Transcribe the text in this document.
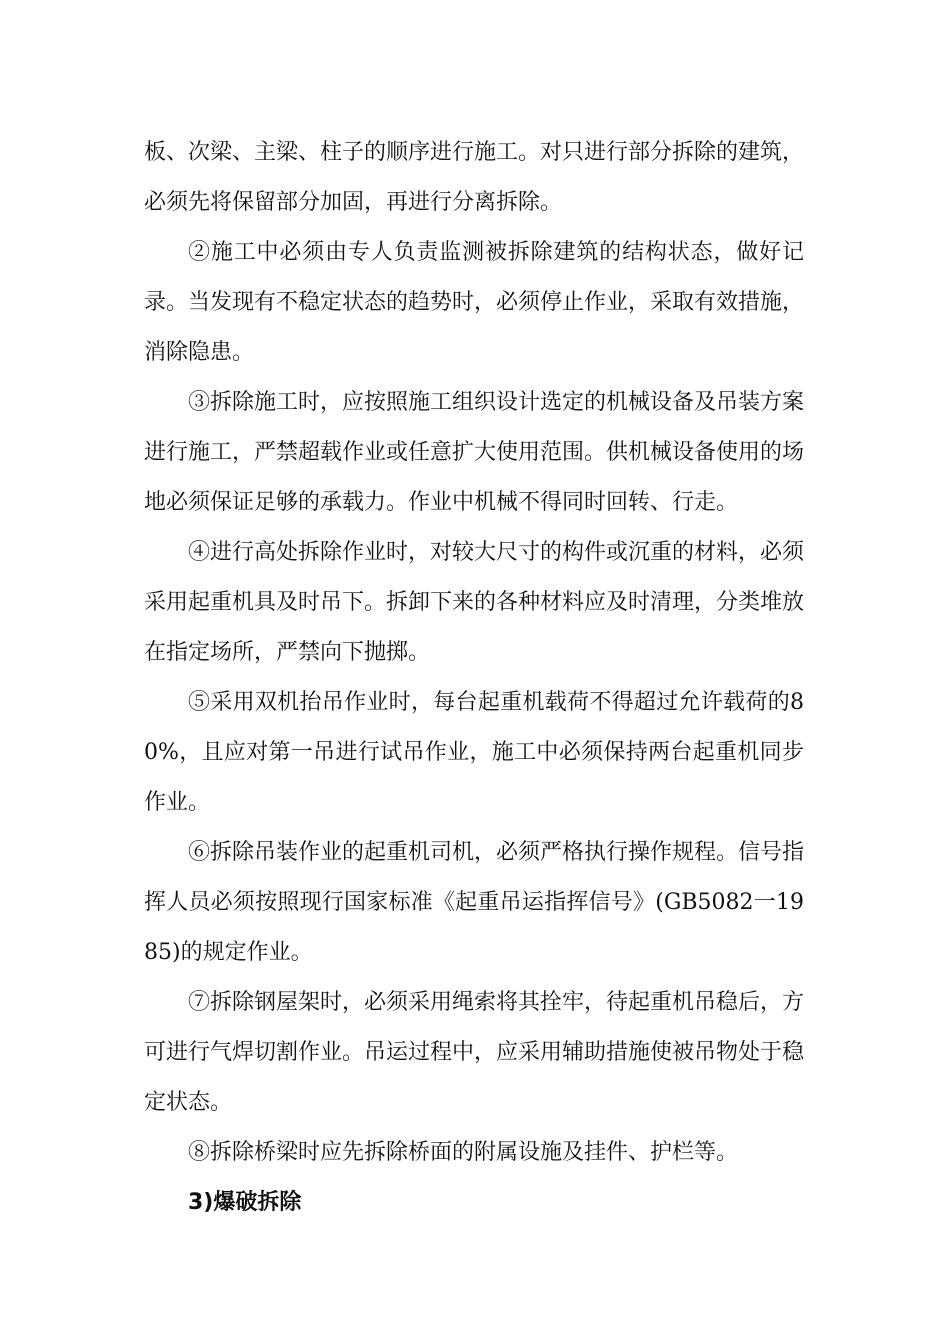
板、次梁、主梁、柱子的顺序进行施工。对只进行部分拆除的建筑，必须先将保留部分加固，再进行分离拆除。

②施工中必须由专人负责监测被拆除建筑的结构状态，做好记录。当发现有不稳定状态的趋势时，必须停止作业，采取有效措施，消除隐患。

③拆除施工时，应按照施工组织设计选定的机械设备及吊装方案进行施工，严禁超载作业或任意扩大使用范围。供机械设备使用的场地必须保证足够的承载力。作业中机械不得同时回转、行走。

④进行高处拆除作业时，对较大尺寸的构件或沉重的材料，必须采用起重机具及时吊下。拆卸下来的各种材料应及时清理，分类堆放在指定场所，严禁向下抛掷。

⑤采用双机抬吊作业时，每台起重机载荷不得超过允许载荷的80%，且应对第一吊进行试吊作业，施工中必须保持两台起重机同步作业。

⑥拆除吊装作业的起重机司机，必须严格执行操作规程。信号指挥人员必须按照现行国家标准《起重吊运指挥信号》(GB5082一1985)的规定作业。

⑦拆除钢屋架时，必须采用绳索将其拴牢，待起重机吊稳后，方可进行气焊切割作业。吊运过程中，应采用辅助措施使被吊物处于稳定状态。

⑧拆除桥梁时应先拆除桥面的附属设施及挂件、护栏等。

3)爆破拆除
